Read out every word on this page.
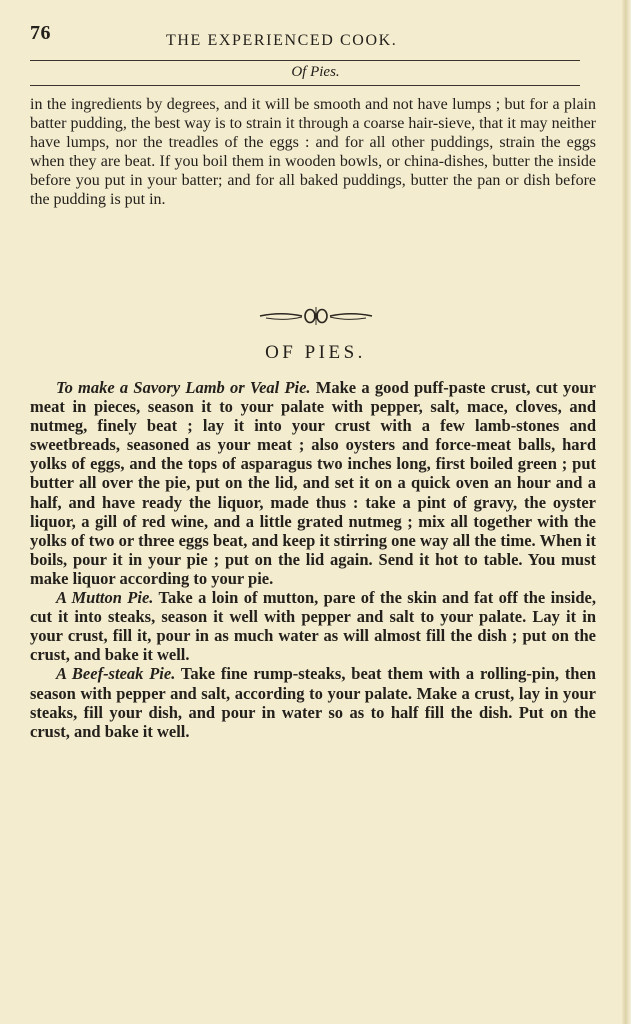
76	THE EXPERIENCED COOK.
Of Pies.

in the ingredients by degrees, and it will be smooth and not have lumps ; but for a plain batter pudding, the best way is to strain it through a coarse hair-sieve, that it may neither have lumps, nor the treadles of the eggs : and for all other puddings, strain the eggs when they are beat. If you boil them in wooden bowls, or china-dishes, butter the inside before you put in your batter; and for all baked puddings, butter the pan or dish before the pudding is put in.

OF PIES.

To make a Savory Lamb or Veal Pie. Make a good puff-paste crust, cut your meat in pieces, season it to your palate with pepper, salt, mace, cloves, and nutmeg, finely beat ; lay it into your crust with a few lamb-stones and sweetbreads, seasoned as your meat ; also oysters and force-meat balls, hard yolks of eggs, and the tops of asparagus two inches long, first boiled green ; put butter all over the pie, put on the lid, and set it on a quick oven an hour and a half, and have ready the liquor, made thus : take a pint of gravy, the oyster liquor, a gill of red wine, and a little grated nutmeg ; mix all together with the yolks of two or three eggs beat, and keep it stirring one way all the time. When it boils, pour it in your pie ; put on the lid again. Send it hot to table. You must make liquor according to your pie.

A Mutton Pie. Take a loin of mutton, pare of the skin and fat off the inside, cut it into steaks, season it well with pepper and salt to your palate. Lay it in your crust, fill it, pour in as much water as will almost fill the dish ; put on the crust, and bake it well.

A Beef-steak Pie. Take fine rump-steaks, beat them with a rolling-pin, then season with pepper and salt, according to your palate. Make a crust, lay in your steaks, fill your dish, and pour in water so as to half fill the dish. Put on the crust, and bake it well.
